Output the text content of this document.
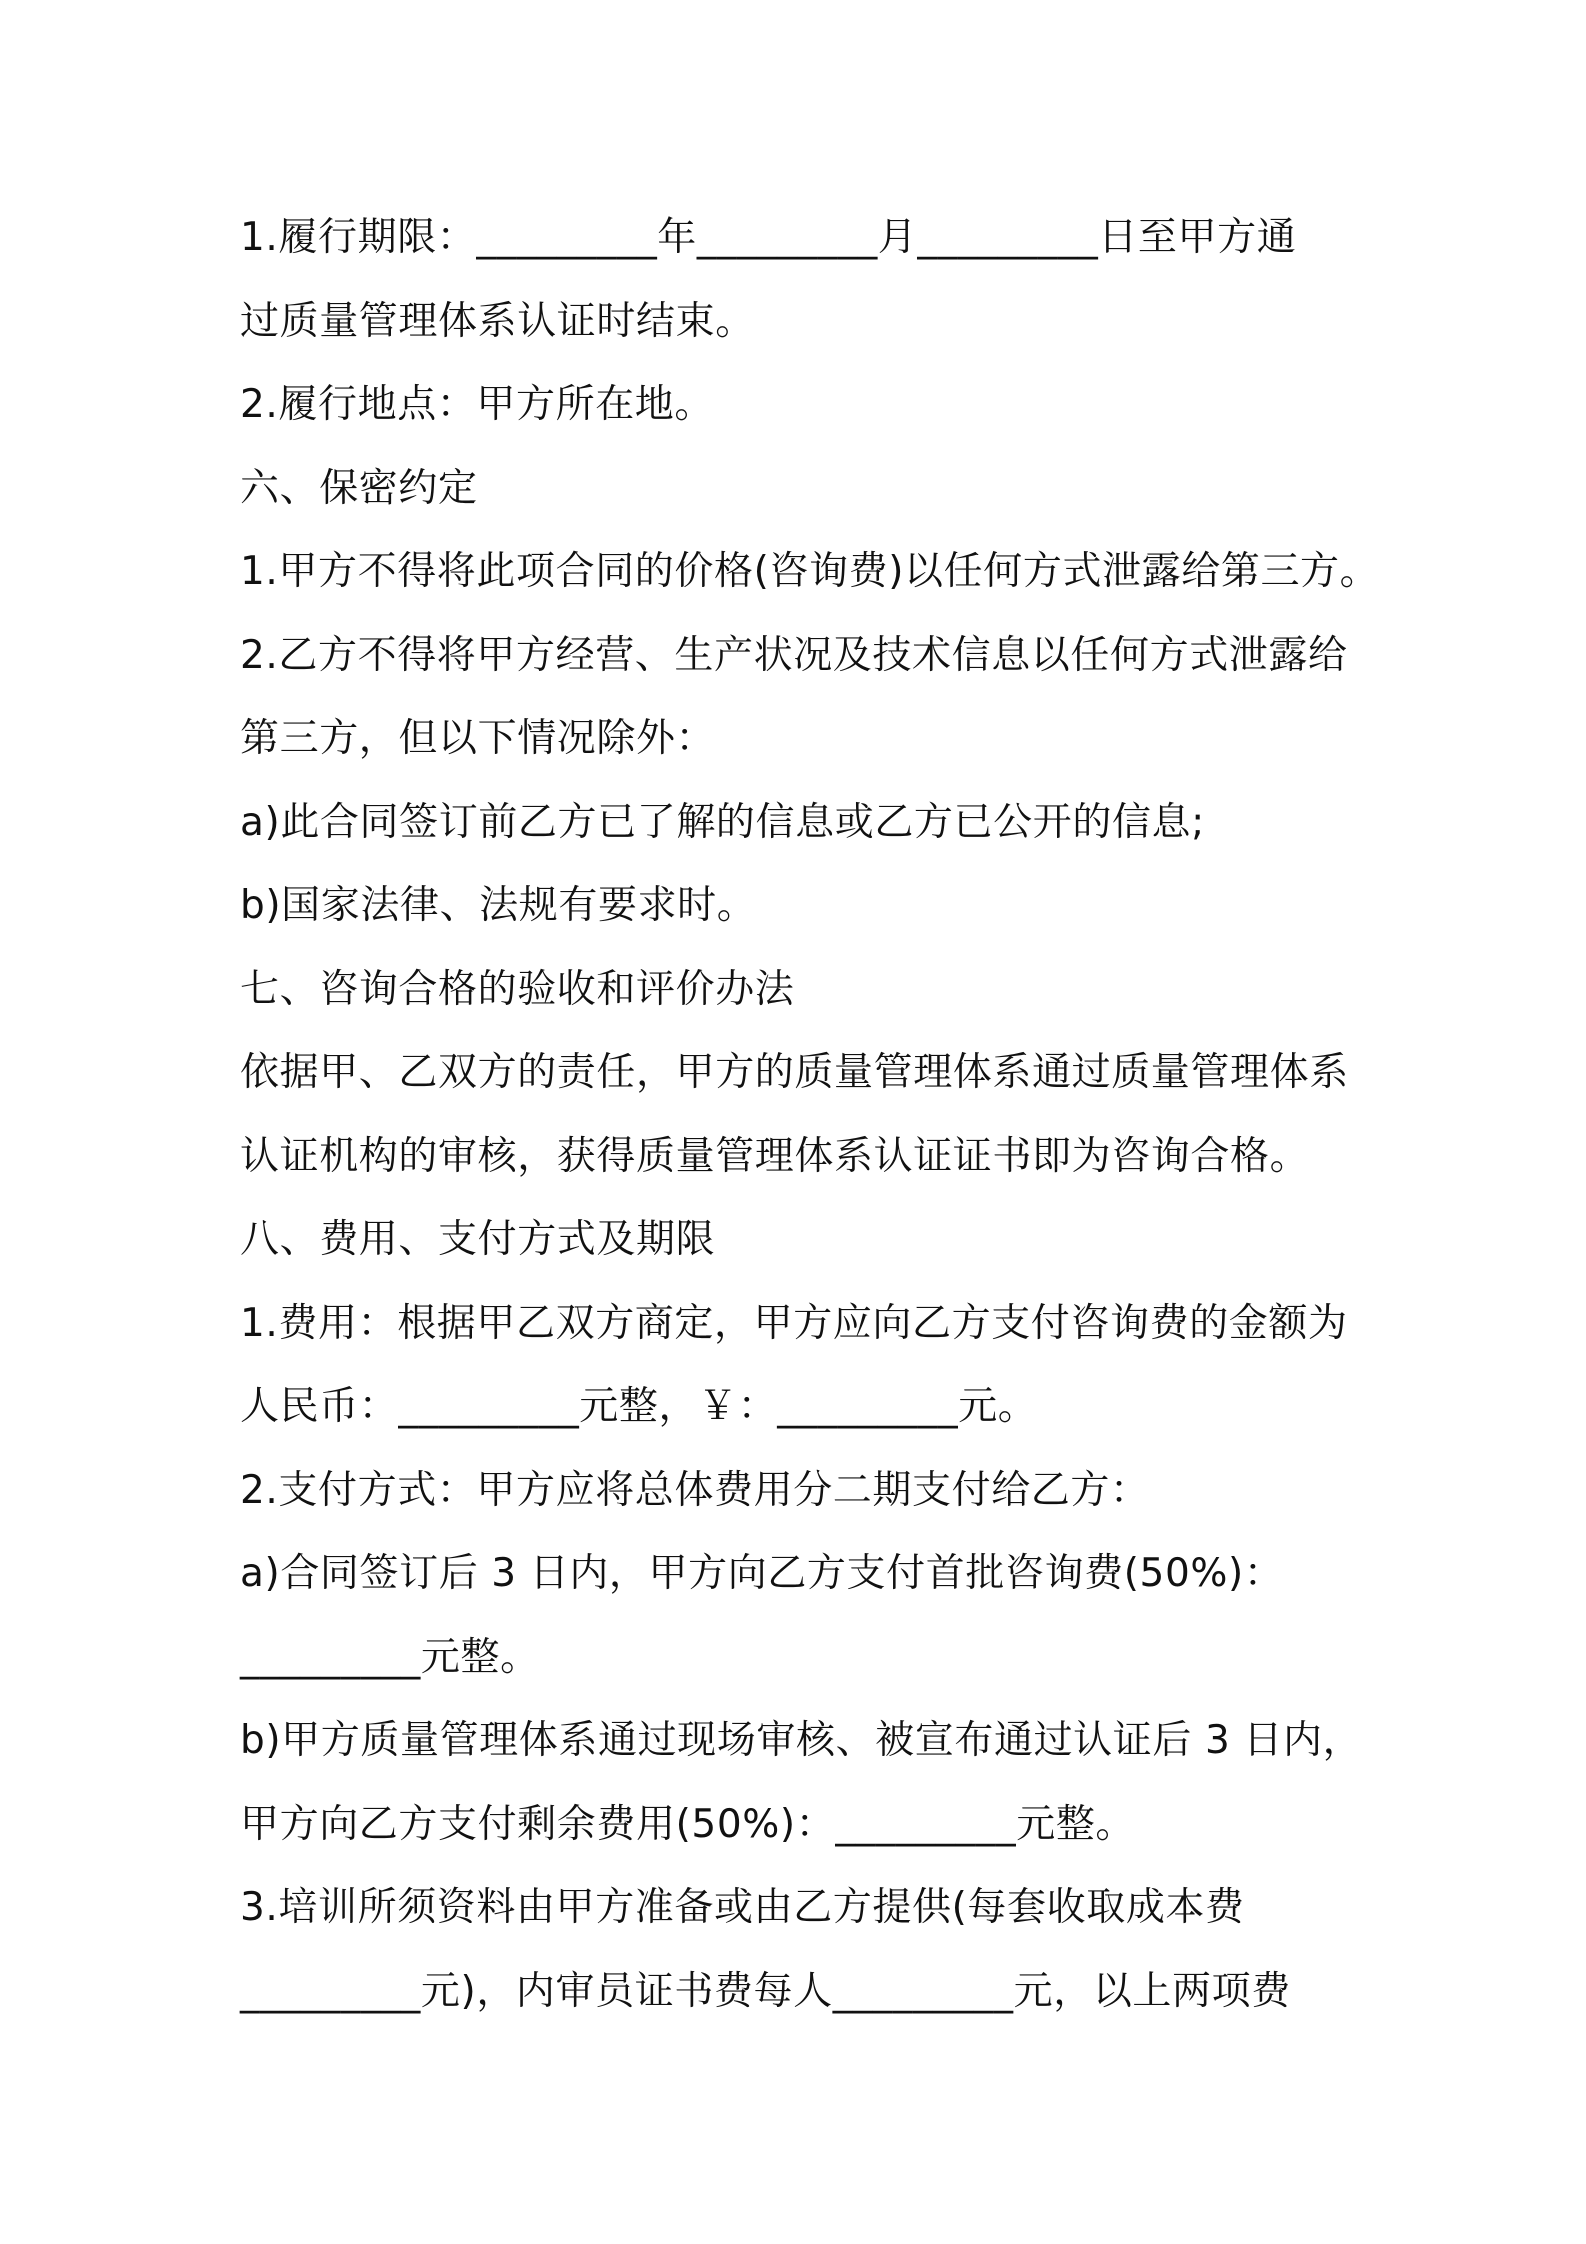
1.履行期限：_________年_________月_________日至甲方通
过质量管理体系认证时结束。
2.履行地点：甲方所在地。
六、保密约定
1.甲方不得将此项合同的价格(咨询费)以任何方式泄露给第三方。
2.乙方不得将甲方经营、生产状况及技术信息以任何方式泄露给
第三方，但以下情况除外：
a)此合同签订前乙方已了解的信息或乙方已公开的信息;
b)国家法律、法规有要求时。
七、咨询合格的验收和评价办法
依据甲、乙双方的责任，甲方的质量管理体系通过质量管理体系
认证机构的审核，获得质量管理体系认证证书即为咨询合格。
八、费用、支付方式及期限
1.费用：根据甲乙双方商定，甲方应向乙方支付咨询费的金额为
人民币：_________元整，￥：_________元。
2.支付方式：甲方应将总体费用分二期支付给乙方：
a)合同签订后 3 日内，甲方向乙方支付首批咨询费(50%)：
_________元整。
b)甲方质量管理体系通过现场审核、被宣布通过认证后 3 日内，
甲方向乙方支付剩余费用(50%)：_________元整。
3.培训所须资料由甲方准备或由乙方提供(每套收取成本费
_________元)，内审员证书费每人_________元，以上两项费
